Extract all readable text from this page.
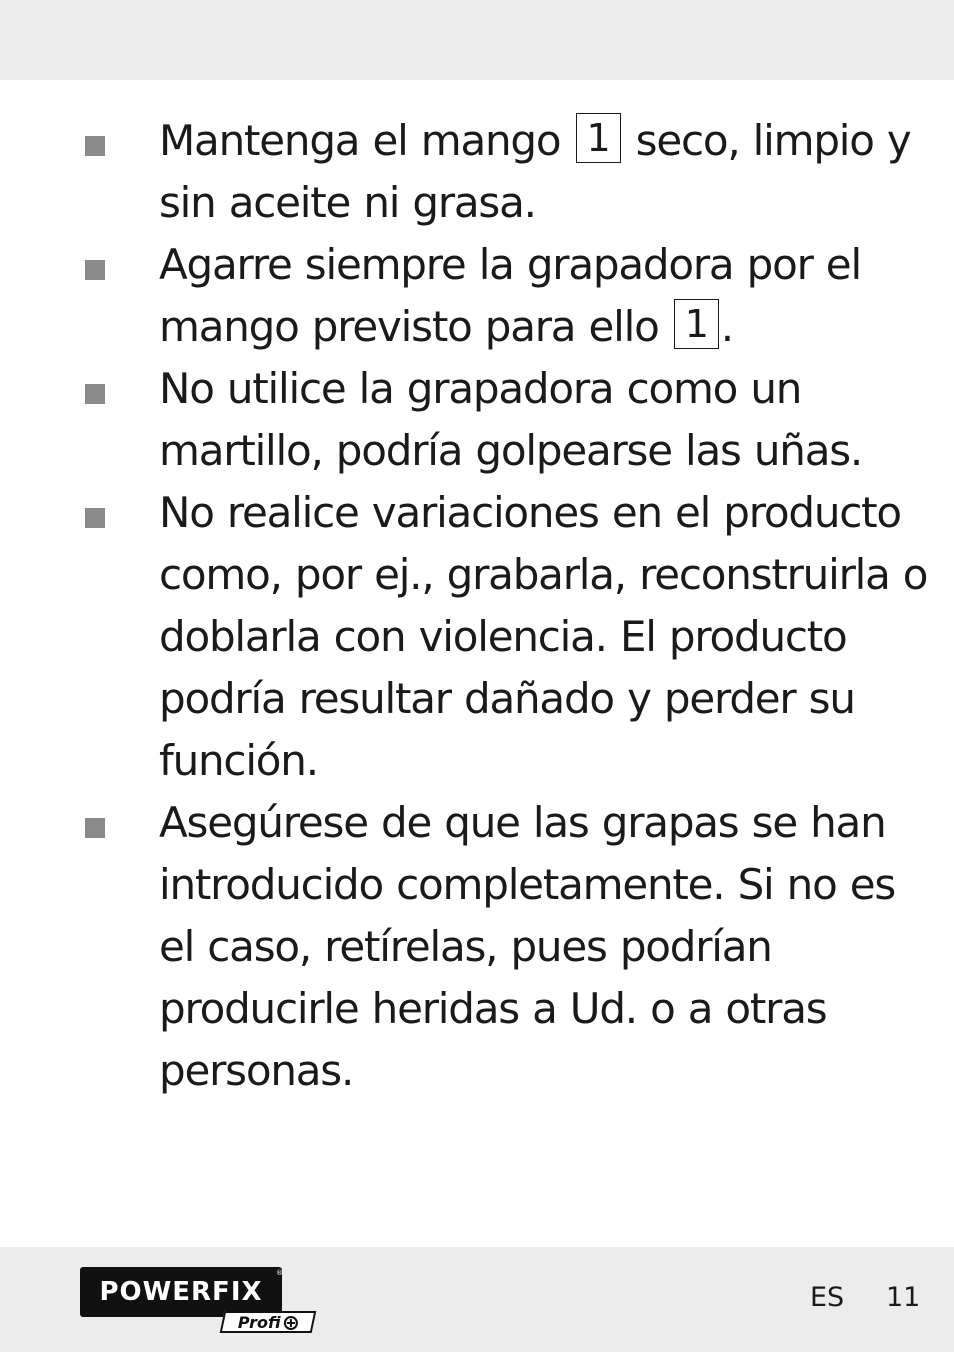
Mantenga el mango 1 seco, limpio y sin aceite ni grasa.
Agarre siempre la grapadora por el mango previsto para ello 1 .
No utilice la grapadora como un martillo, podría golpearse las uñas.
No realice variaciones en el producto como, por ej., grabarla, reconstruirla o doblarla con violencia. El producto podría resultar dañado y perder su función.
Asegúrese de que las grapas se han introducido completamente. Si no es el caso, retírelas, pues podrían producirle heridas a Ud. o a otras personas.
POWERFIX
®
Profi
ES 11
